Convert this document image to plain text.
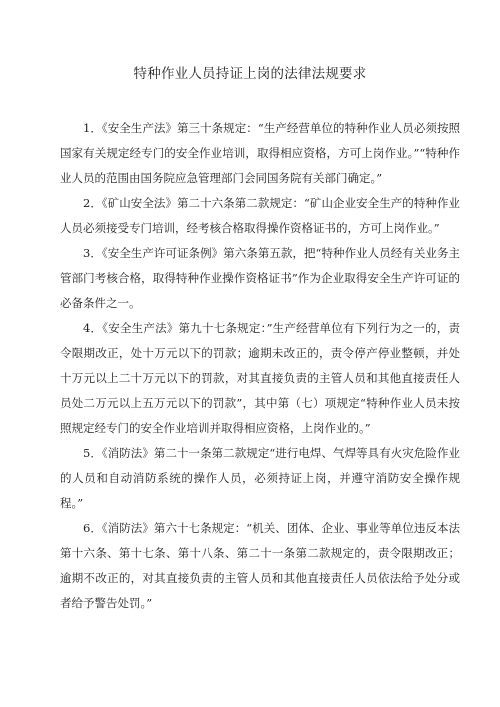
特种作业人员持证上岗的法律法规要求

1．《安全生产法》第三十条规定：“生产经营单位的特种作业人员必须按照国家有关规定经专门的安全作业培训，取得相应资格，方可上岗作业。”“特种作业人员的范围由国务院应急管理部门会同国务院有关部门确定。”

2．《矿山安全法》第二十六条第二款规定：“矿山企业安全生产的特种作业人员必须接受专门培训，经考核合格取得操作资格证书的，方可上岗作业。”

3．《安全生产许可证条例》第六条第五款，把“特种作业人员经有关业务主管部门考核合格，取得特种作业操作资格证书”作为企业取得安全生产许可证的必备条件之一。

4．《安全生产法》第九十七条规定：”生产经营单位有下列行为之一的，责令限期改正，处十万元以下的罚款；逾期未改正的，责令停产停业整顿，并处十万元以上二十万元以下的罚款，对其直接负责的主管人员和其他直接责任人员处二万元以上五万元以下的罚款”，其中第（七）项规定“特种作业人员未按照规定经专门的安全作业培训并取得相应资格，上岗作业的。”

5．《消防法》第二十一条第二款规定“进行电焊、气焊等具有火灾危险作业的人员和自动消防系统的操作人员，必须持证上岗，并遵守消防安全操作规程。”

6．《消防法》第六十七条规定：“机关、团体、企业、事业等单位违反本法第十六条、第十七条、第十八条、第二十一条第二款规定的，责令限期改正；逾期不改正的，对其直接负责的主管人员和其他直接责任人员依法给予处分或者给予警告处罚。”
